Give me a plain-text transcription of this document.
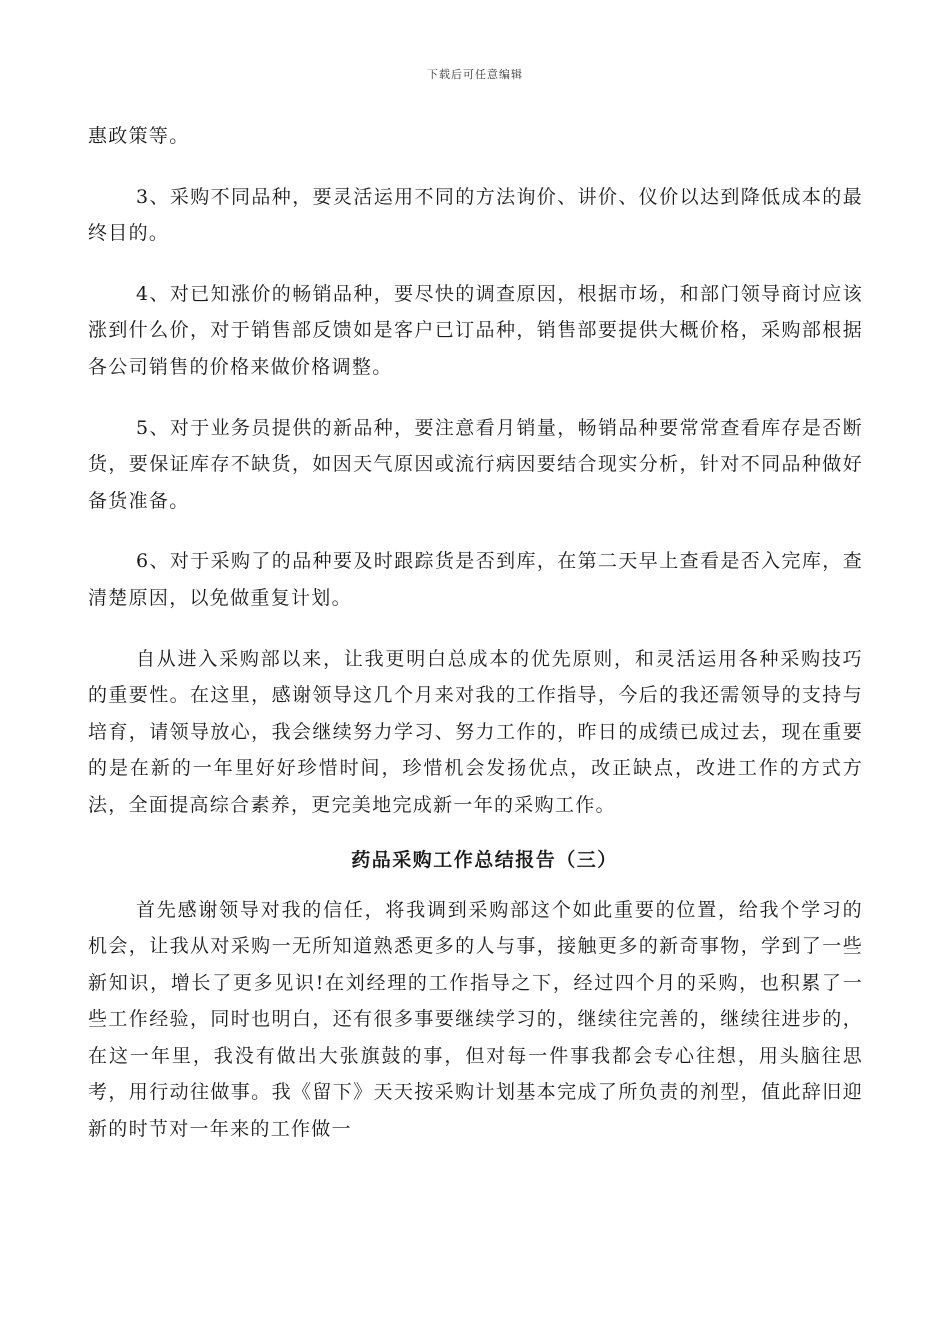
下载后可任意编辑

惠政策等。

3、采购不同品种，要灵活运用不同的方法询价、讲价、仪价以达到降低成本的最终目的。

4、对已知涨价的畅销品种，要尽快的调查原因，根据市场，和部门领导商讨应该涨到什么价，对于销售部反馈如是客户已订品种，销售部要提供大概价格，采购部根据各公司销售的价格来做价格调整。

5、对于业务员提供的新品种，要注意看月销量，畅销品种要常常查看库存是否断货，要保证库存不缺货，如因天气原因或流行病因要结合现实分析，针对不同品种做好备货准备。

6、对于采购了的品种要及时跟踪货是否到库，在第二天早上查看是否入完库，查清楚原因，以免做重复计划。

自从进入采购部以来，让我更明白总成本的优先原则，和灵活运用各种采购技巧的重要性。在这里，感谢领导这几个月来对我的工作指导，今后的我还需领导的支持与培育，请领导放心，我会继续努力学习、努力工作的，昨日的成绩已成过去，现在重要的是在新的一年里好好珍惜时间，珍惜机会发扬优点，改正缺点，改进工作的方式方法，全面提高综合素养，更完美地完成新一年的采购工作。

药品采购工作总结报告（三）

首先感谢领导对我的信任，将我调到采购部这个如此重要的位置，给我个学习的机会，让我从对采购一无所知道熟悉更多的人与事，接触更多的新奇事物，学到了一些新知识，增长了更多见识!在刘经理的工作指导之下，经过四个月的采购，也积累了一些工作经验，同时也明白，还有很多事要继续学习的，继续往完善的，继续往进步的，在这一年里，我没有做出大张旗鼓的事，但对每一件事我都会专心往想，用头脑往思考，用行动往做事。我《留下》天天按采购计划基本完成了所负责的剂型，值此辞旧迎新的时节对一年来的工作做一
